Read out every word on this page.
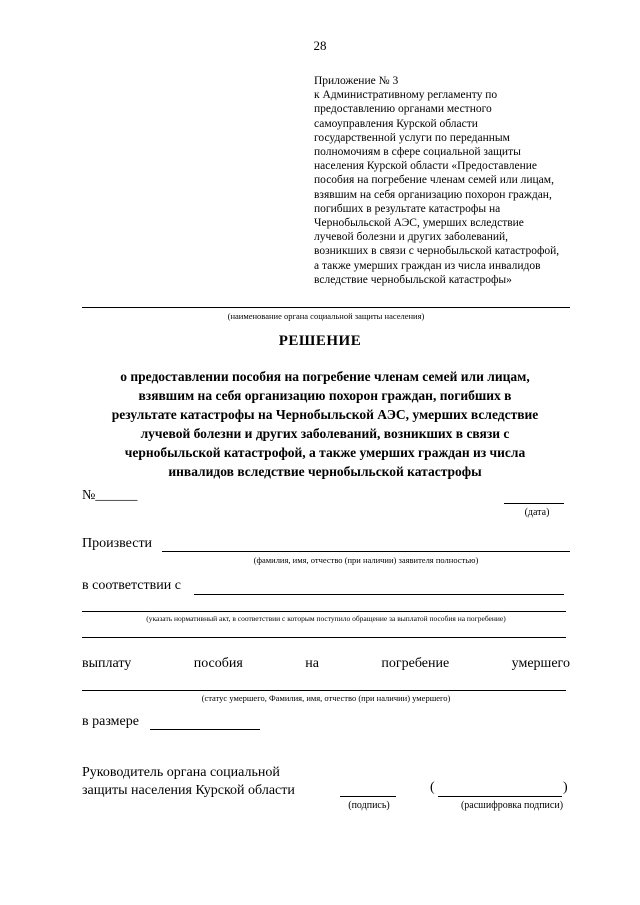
28
Приложение № 3
к Административному регламенту по
предоставлению органами местного
самоуправления Курской области
государственной услуги по переданным
полномочиям в сфере социальной защиты
населения Курской области «Предоставление
пособия на погребение членам семей или лицам,
взявшим на себя организацию похорон граждан,
погибших в результате катастрофы на
Чернобыльской АЭС, умерших вследствие
лучевой болезни и других заболеваний,
возникших в связи с чернобыльской катастрофой,
а также умерших граждан из числа инвалидов
вследствие чернобыльской катастрофы»
(наименование органа социальной защиты населения)
РЕШЕНИЕ
о предоставлении пособия на погребение членам семей или лицам,
взявшим на себя организацию похорон граждан, погибших в
результате катастрофы на Чернобыльской АЭС, умерших вследствие
лучевой болезни и других заболеваний, возникших в связи с
чернобыльской катастрофой, а также умерших граждан из числа
инвалидов вследствие чернобыльской катастрофы
№______
(дата)
Произвести
(фамилия, имя, отчество (при наличии) заявителя полностью)
в соответствии с
(указать нормативный акт, в соответствии с которым поступило обращение за выплатой пособия на погребение)
выплату	пособия	на	погребение	умершего
(статус умершего, Фамилия, имя, отчество (при наличии) умершего)
в размере
Руководитель органа социальной
защиты населения Курской области
(подпись)
(	)
(расшифровка подписи)
